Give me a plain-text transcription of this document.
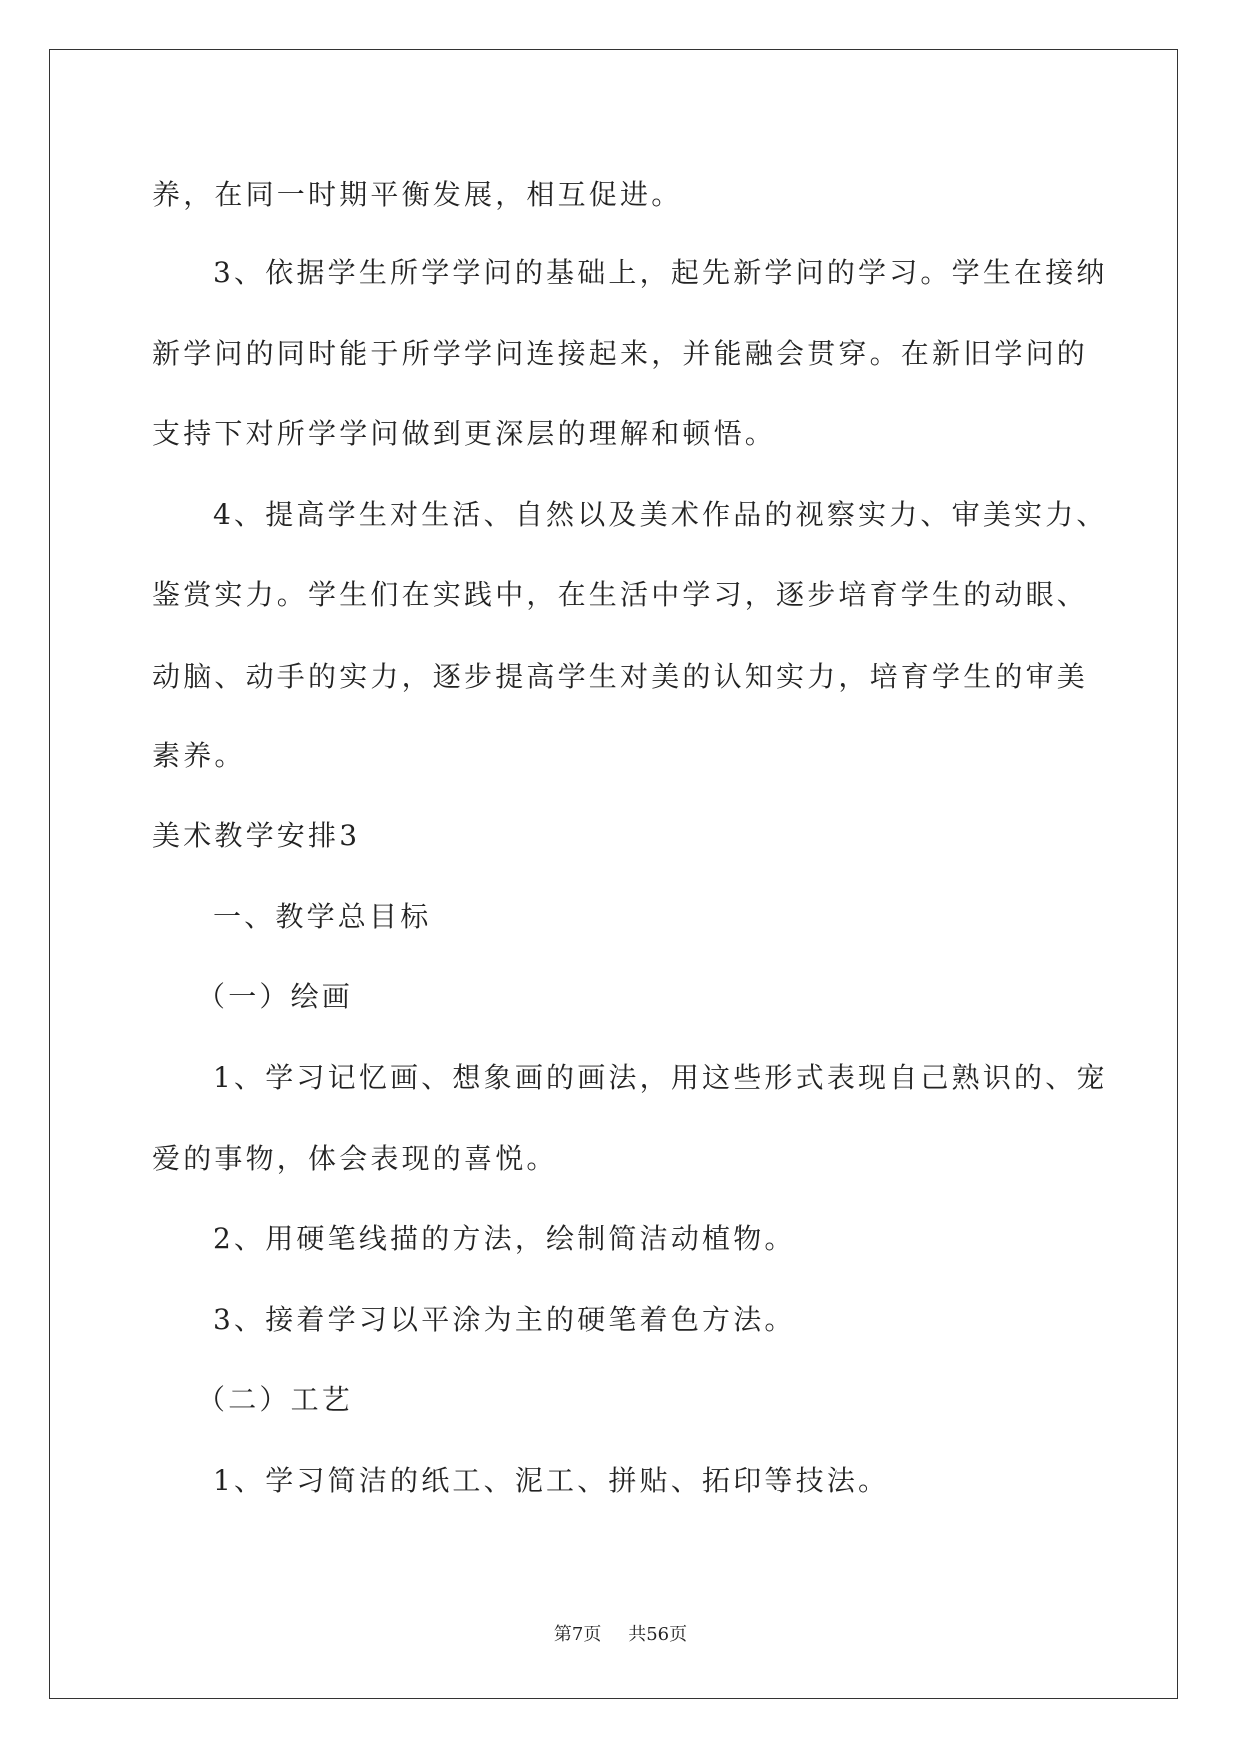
养，在同一时期平衡发展，相互促进。
3、依据学生所学学问的基础上，起先新学问的学习。学生在接纳
新学问的同时能于所学学问连接起来，并能融会贯穿。在新旧学问的
支持下对所学学问做到更深层的理解和顿悟。
4、提高学生对生活、自然以及美术作品的视察实力、审美实力、
鉴赏实力。学生们在实践中，在生活中学习，逐步培育学生的动眼、
动脑、动手的实力，逐步提高学生对美的认知实力，培育学生的审美
素养。
美术教学安排3
一、教学总目标
（一）绘画
1、学习记忆画、想象画的画法，用这些形式表现自己熟识的、宠
爱的事物，体会表现的喜悦。
2、用硬笔线描的方法，绘制简洁动植物。
3、接着学习以平涂为主的硬笔着色方法。
（二）工艺
1、学习简洁的纸工、泥工、拼贴、拓印等技法。
第7页 共56页
